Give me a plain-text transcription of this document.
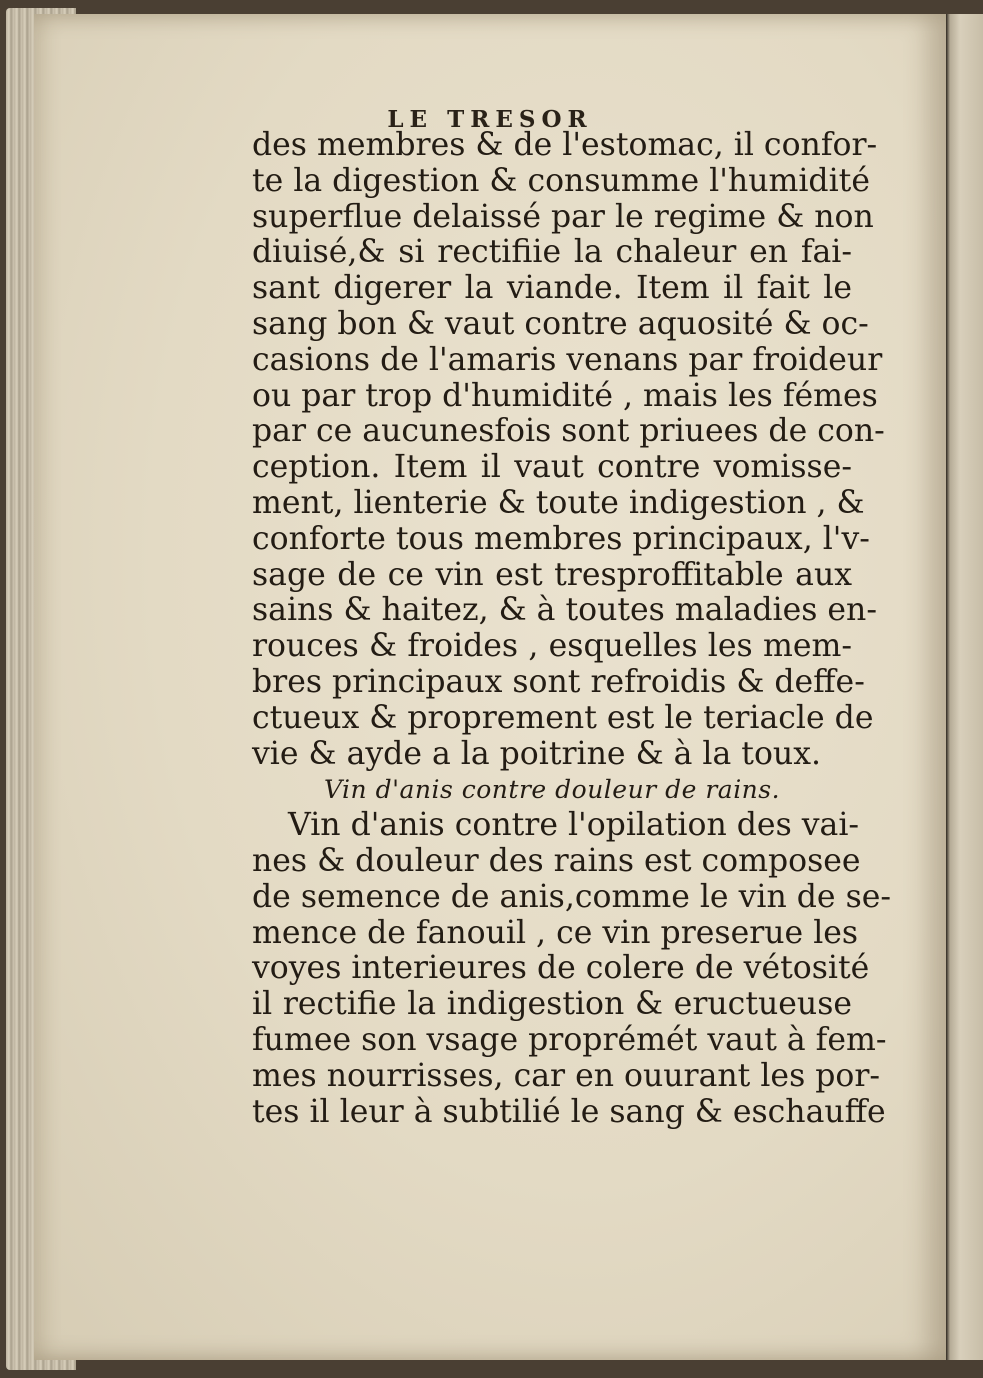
LE TRESOR
des membres & de l'estomac, il confor-
te la digestion & consumme l'humidité
superflue delaissé par le regime & non
diuisé,& si rectifiie la chaleur en fai-
sant digerer la viande. Item il fait le
sang bon & vaut contre aquosité & oc-
casions de l'amaris venans par froideur
ou par trop d'humidité , mais les fémes
par ce aucunesfois sont priuees de con-
ception. Item il vaut contre vomisse-
ment, lienterie & toute indigestion , &
conforte tous membres principaux, l'v-
sage de ce vin est tresproffitable aux
sains & haitez, & à toutes maladies en-
rouces & froides , esquelles les mem-
bres principaux sont refroidis & deffe-
ctueux & proprement est le teriacle de
vie & ayde a la poitrine & à la toux.
Vin d'anis contre douleur de rains.
Vin d'anis contre l'opilation des vai-
nes & douleur des rains est composee
de semence de anis,comme le vin de se-
mence de fanouil , ce vin preserue les
voyes interieures de colere de vétosité
il rectifie la indigestion & eructueuse
fumee son vsage proprémét vaut à fem-
mes nourrisses, car en ouurant les por-
tes il leur à subtilié le sang & eschauffe
